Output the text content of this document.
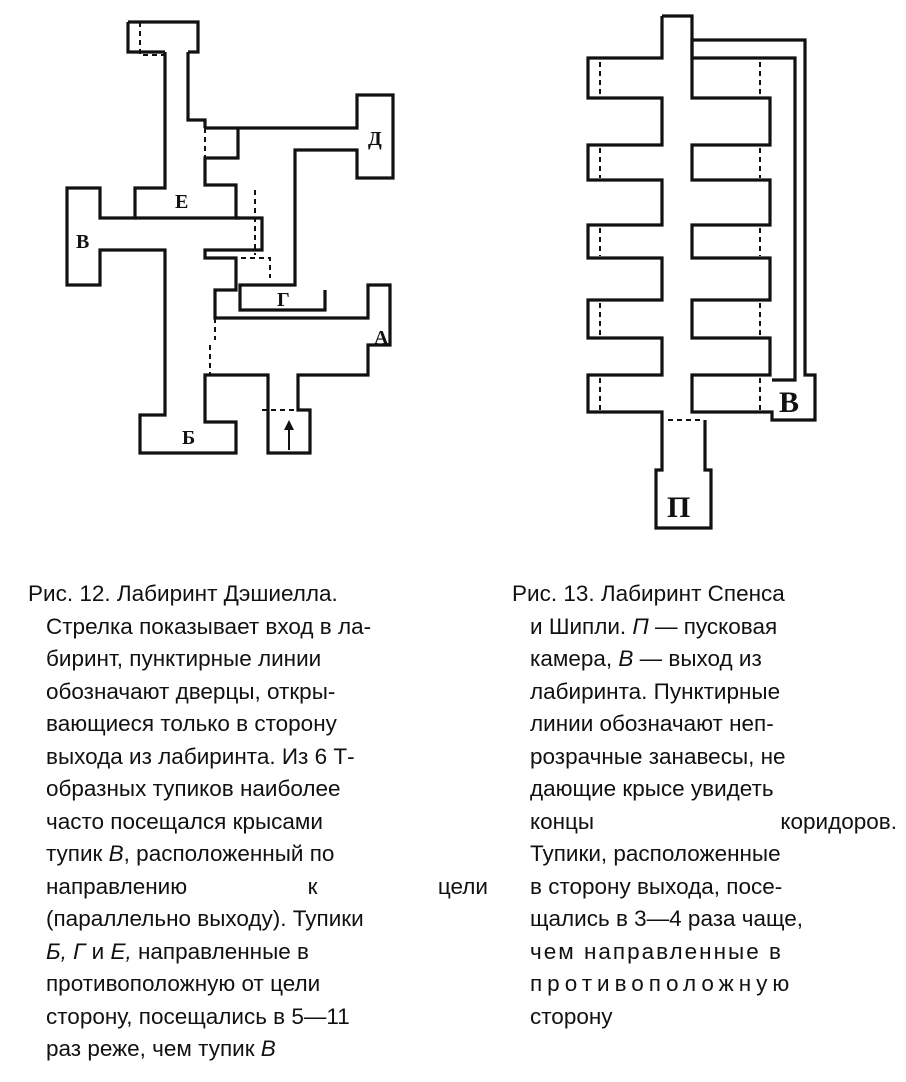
Д
Е
В
Г
А
Б
В
П

Рис. 12. Лабиринт Дэшиелла.

Стрелка показывает вход в ла-

биринт, пунктирные линии

обозначают дверцы, откры-

вающиеся только в сторону

выхода из лабиринта. Из 6 Т-

образных тупиков наиболее

часто посещался крысами

тупик В, расположенный по

направлению	к	цели

(параллельно выходу). Тупики

Б, Г и Е, направленные в

противоположную от цели

сторону, посещались в 5—11

раз реже, чем тупик В

Рис. 13. Лабиринт Спенса

и Шипли. П — пусковая

камера, В — выход из

лабиринта. Пунктирные

линии обозначают неп-

розрачные занавесы, не

дающие крысе увидеть

концы	коридоров.

Тупики, расположенные

в сторону выхода, посе-

щались в 3—4 раза чаще,

чем направленные в

противоположную

сторону
